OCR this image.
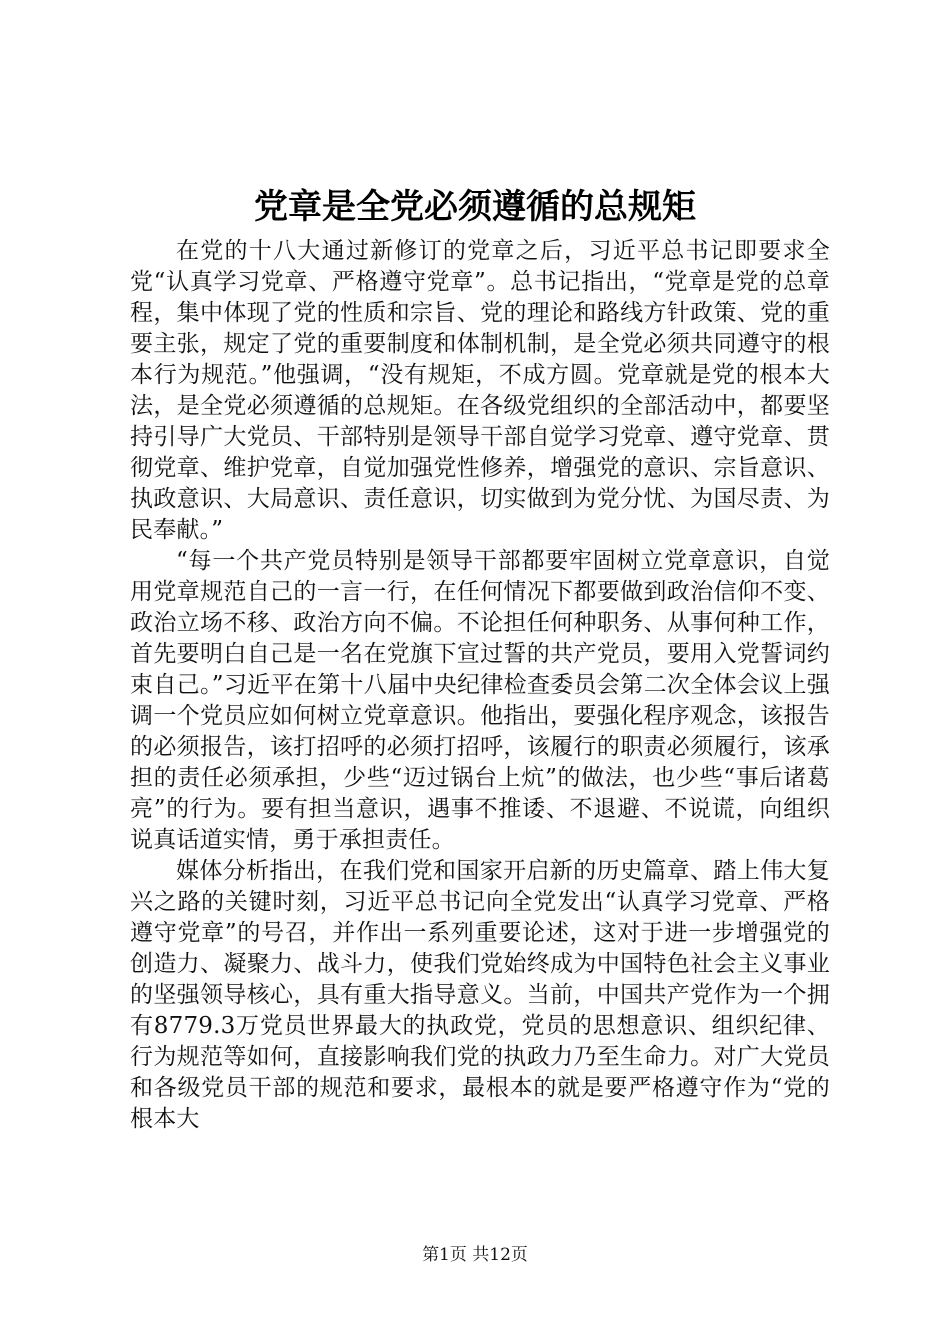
党章是全党必须遵循的总规矩

在党的十八大通过新修订的党章之后，习近平总书记即要求全党“认真学习党章、严格遵守党章”。总书记指出，“党章是党的总章程，集中体现了党的性质和宗旨、党的理论和路线方针政策、党的重要主张，规定了党的重要制度和体制机制，是全党必须共同遵守的根本行为规范。”他强调，“没有规矩，不成方圆。党章就是党的根本大法，是全党必须遵循的总规矩。在各级党组织的全部活动中，都要坚持引导广大党员、干部特别是领导干部自觉学习党章、遵守党章、贯彻党章、维护党章，自觉加强党性修养，增强党的意识、宗旨意识、执政意识、大局意识、责任意识，切实做到为党分忧、为国尽责、为民奉献。”

“每一个共产党员特别是领导干部都要牢固树立党章意识，自觉用党章规范自己的一言一行，在任何情况下都要做到政治信仰不变、政治立场不移、政治方向不偏。不论担任何种职务、从事何种工作，首先要明白自己是一名在党旗下宣过誓的共产党员，要用入党誓词约束自己。”习近平在第十八届中央纪律检查委员会第二次全体会议上强调一个党员应如何树立党章意识。他指出，要强化程序观念，该报告的必须报告，该打招呼的必须打招呼，该履行的职责必须履行，该承担的责任必须承担，少些“迈过锅台上炕”的做法，也少些“事后诸葛亮”的行为。要有担当意识，遇事不推诿、不退避、不说谎，向组织说真话道实情，勇于承担责任。

媒体分析指出，在我们党和国家开启新的历史篇章、踏上伟大复兴之路的关键时刻，习近平总书记向全党发出“认真学习党章、严格遵守党章”的号召，并作出一系列重要论述，这对于进一步增强党的创造力、凝聚力、战斗力，使我们党始终成为中国特色社会主义事业的坚强领导核心，具有重大指导意义。当前，中国共产党作为一个拥有8779.3万党员世界最大的执政党，党员的思想意识、组织纪律、行为规范等如何，直接影响我们党的执政力乃至生命力。对广大党员和各级党员干部的规范和要求，最根本的就是要严格遵守作为“党的根本大

第1页 共12页
